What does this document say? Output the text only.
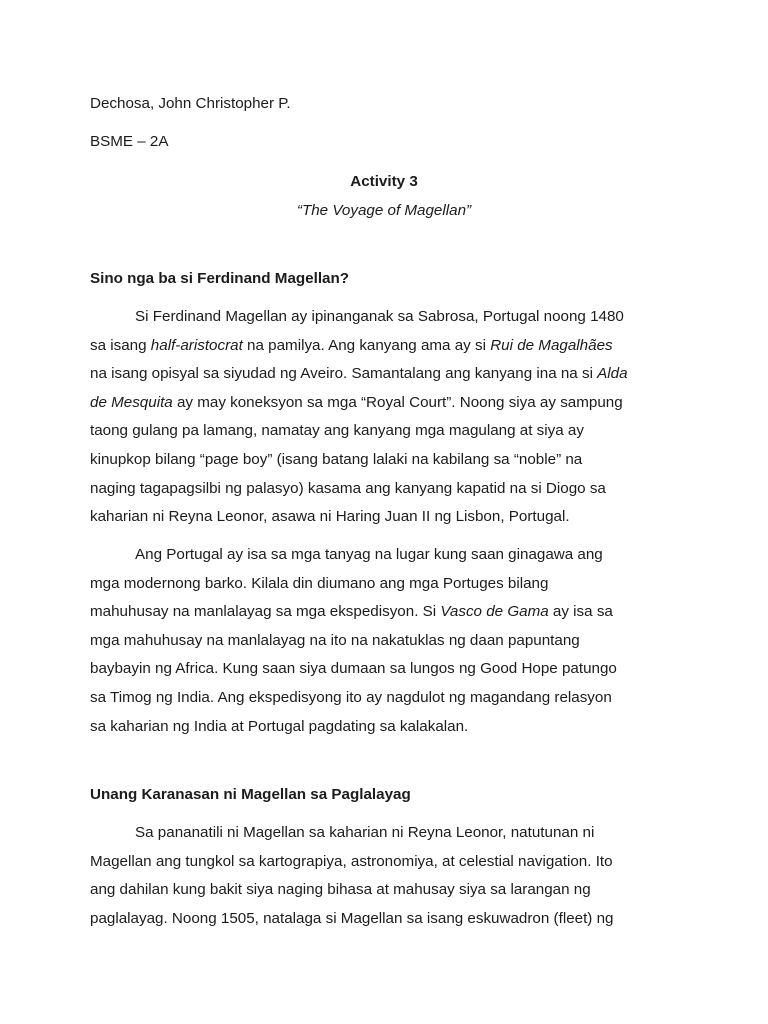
Dechosa, John Christopher P.
BSME – 2A
Activity 3
“The Voyage of Magellan”
Sino nga ba si Ferdinand Magellan?
Si Ferdinand Magellan ay ipinanganak sa Sabrosa, Portugal noong 1480
sa isang half-aristocrat na pamilya. Ang kanyang ama ay si Rui de Magalhães
na isang opisyal sa siyudad ng Aveiro. Samantalang ang kanyang ina na si Alda
de Mesquita ay may koneksyon sa mga “Royal Court”. Noong siya ay sampung
taong gulang pa lamang, namatay ang kanyang mga magulang at siya ay
kinupkop bilang “page boy” (isang batang lalaki na kabilang sa “noble” na
naging tagapagsilbi ng palasyo) kasama ang kanyang kapatid na si Diogo sa
kaharian ni Reyna Leonor, asawa ni Haring Juan II ng Lisbon, Portugal.
Ang Portugal ay isa sa mga tanyag na lugar kung saan ginagawa ang
mga modernong barko. Kilala din diumano ang mga Portuges bilang
mahuhusay na manlalayag sa mga ekspedisyon. Si Vasco de Gama ay isa sa
mga mahuhusay na manlalayag na ito na nakatuklas ng daan papuntang
baybayin ng Africa. Kung saan siya dumaan sa lungos ng Good Hope patungo
sa Timog ng India. Ang ekspedisyong ito ay nagdulot ng magandang relasyon
sa kaharian ng India at Portugal pagdating sa kalakalan.
Unang Karanasan ni Magellan sa Paglalayag
Sa pananatili ni Magellan sa kaharian ni Reyna Leonor, natutunan ni
Magellan ang tungkol sa kartograpiya, astronomiya, at celestial navigation. Ito
ang dahilan kung bakit siya naging bihasa at mahusay siya sa larangan ng
paglalayag. Noong 1505, natalaga si Magellan sa isang eskuwadron (fleet) ng
